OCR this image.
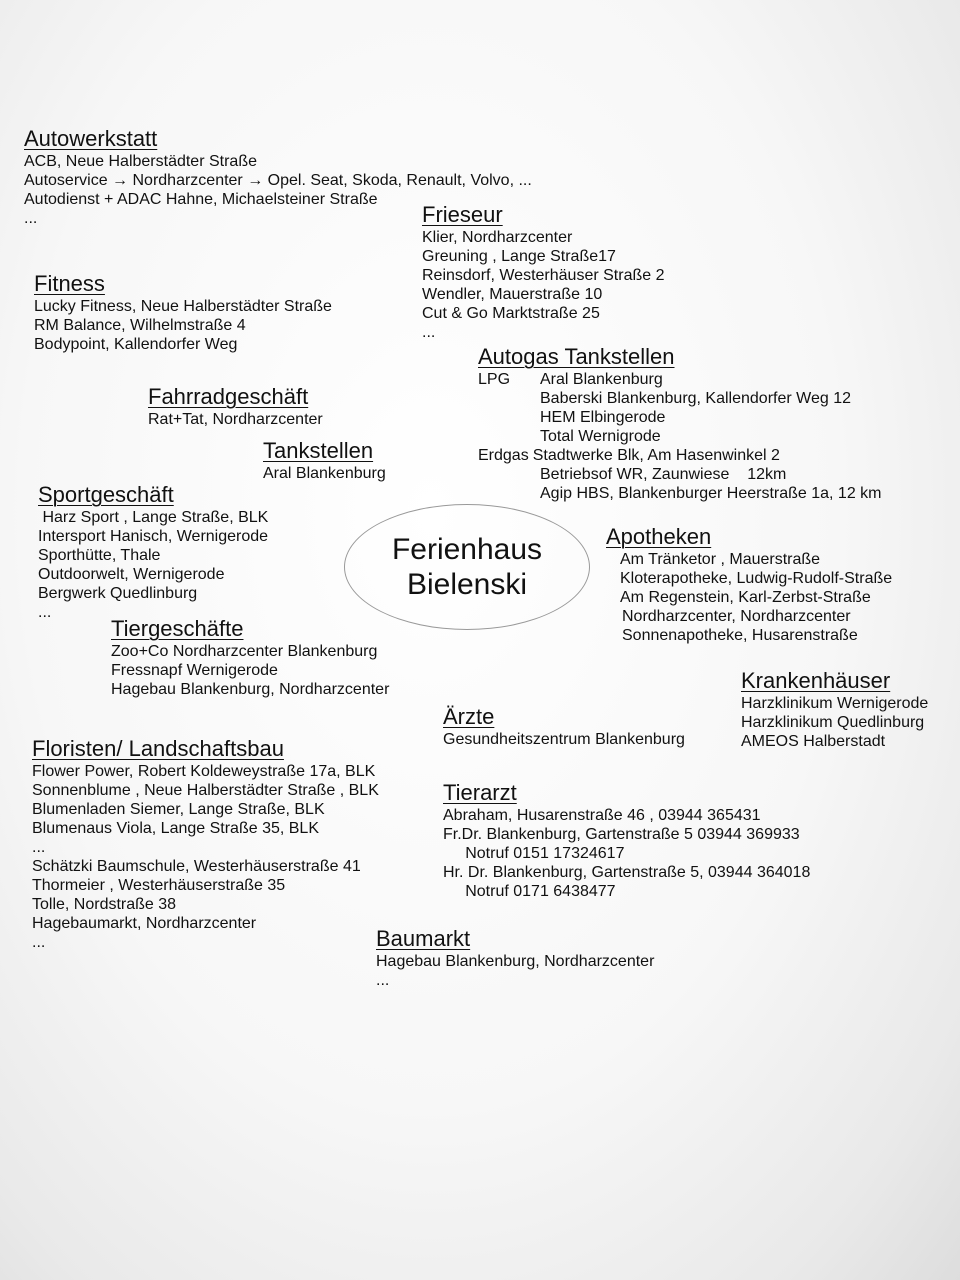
Ferienhaus
Bielenski
Autowerkstatt
ACB, Neue Halberstädter Straße
Autoservice → Nordharzcenter → Opel. Seat, Skoda, Renault, Volvo, ...
Autodienst + ADAC Hahne, Michaelsteiner Straße
...	Frieseur
Klier, Nordharzcenter
Greuning , Lange Straße17
Reinsdorf, Westerhäuser Straße 2
Wendler, Mauerstraße 10
Cut & Go Marktstraße 25
...
Fitness
Lucky Fitness, Neue Halberstädter Straße
RM Balance, Wilhelmstraße 4
Bodypoint, Kallendorfer Weg	Autogas Tankstellen
LPG	Aral Blankenburg
Baberski Blankenburg, Kallendorfer Weg 12
HEM Elbingerode
Total Wernigrode
Erdgas Stadtwerke Blk, Am Hasenwinkel 2
Betriebsof WR, Zaunwiese    12km
Agip HBS, Blankenburger Heerstraße 1a, 12 km
Fahrradgeschäft
Rat+Tat, Nordharzcenter
Tankstellen
Aral Blankenburg
Sportgeschäft
Harz Sport , Lange Straße, BLK
Intersport Hanisch, Wernigerode
Sporthütte, Thale
Outdoorwelt, Wernigerode
Bergwerk Quedlinburg
...
Apotheken
Am Tränketor , Mauerstraße
Kloterapotheke, Ludwig-Rudolf-Straße
Am Regenstein, Karl-Zerbst-Straße
Nordharzcenter, Nordharzcenter
Sonnenapotheke, Husarenstraße
Tiergeschäfte
Zoo+Co Nordharzcenter Blankenburg
Fressnapf Wernigerode
Hagebau Blankenburg, Nordharzcenter	Krankenhäuser
Harzklinikum Wernigerode
Harzklinikum Quedlinburg
AMEOS Halberstadt
Ärzte
Gesundheitszentrum Blankenburg
Floristen/ Landschaftsbau
Flower Power, Robert Koldeweystraße 17a, BLK
Sonnenblume , Neue Halberstädter Straße , BLK
Blumenladen Siemer, Lange Straße, BLK
Blumenaus Viola, Lange Straße 35, BLK
...
Schätzki Baumschule, Westerhäuserstraße 41
Thormeier , Westerhäuserstraße 35
Tolle, Nordstraße 38
Hagebaumarkt, Nordharzcenter
...
Tierarzt
Abraham, Husarenstraße 46 , 03944 365431
Fr.Dr. Blankenburg, Gartenstraße 5 03944 369933
Notruf 0151 17324617
Hr. Dr. Blankenburg, Gartenstraße 5, 03944 364018
Notruf 0171 6438477
Baumarkt
Hagebau Blankenburg, Nordharzcenter
...
